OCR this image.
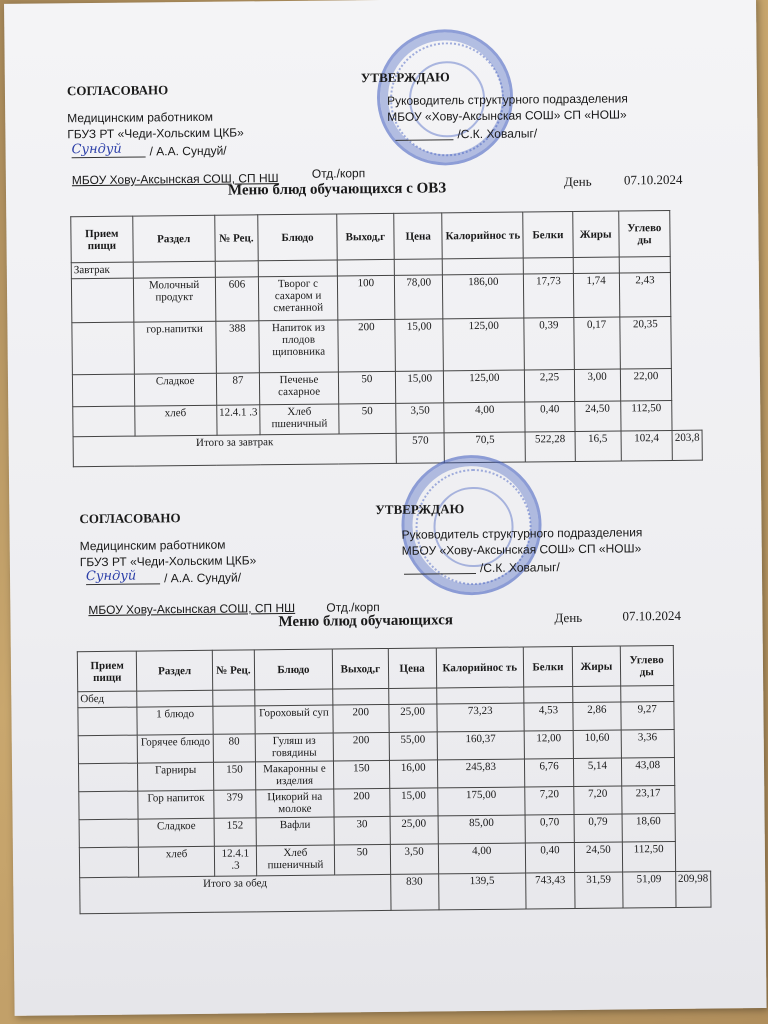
СОГЛАСОВАНО
Медицинским работником
ГБУЗ РТ «Чеди-Хольским ЦКБ»
Сундуй	/ А.А. Сундуй/
УТВЕРЖДАЮ
Руководитель структурного подразделения
МБОУ «Хову-Аксынская СОШ» СП «НОШ»
/С.К. Ховалыг/
МБОУ Хову-Аксынская СОШ, СП НШ	Отд./корп
Меню блюд обучающихся с ОВЗ	День 07.10.2024
Прием пищи	Раздел	№ Рец.	Блюдо	Выход,г	Цена	Калорийнос ть	Белки	Жиры	Углево ды	
Завтрак										
	Молочный продукт	606	Творог с сахаром и сметанной	100	78,00	186,00	17,73	1,74	2,43	
	гор.напитки	388	Напиток из плодов щиповника	200	15,00	125,00	0,39	0,17	20,35	
	Сладкое	87	Печенье сахарное	50	15,00	125,00	2,25	3,00	22,00	
	хлеб	12.4.1 .3	Хлеб пшеничный	50	3,50	4,00	0,40	24,50	112,50	
Итого за завтрак					570	70,5	522,28	16,5	102,4	203,8
СОГЛАСОВАНО
Медицинским работником
ГБУЗ РТ «Чеди-Хольским ЦКБ»
Сундуй	/ А.А. Сундуй/
УТВЕРЖДАЮ
Руководитель структурного подразделения
МБОУ «Хову-Аксынская СОШ» СП «НОШ»
/С.К. Ховалыг/
МБОУ Хову-Аксынская СОШ, СП НШ	Отд./корп
Меню блюд обучающихся	День	07.10.2024
Прием пищи	Раздел	№ Рец.	Блюдо	Выход,г	Цена	Калорийнос ть	Белки	Жиры	Углево ды	
Обед										
	1 блюдо		Гороховый суп	200	25,00	73,23	4,53	2,86	9,27	
	Горячее блюдо	80	Гуляш из говядины	200	55,00	160,37	12,00	10,60	3,36	
	Гарниры	150	Макаронны е изделия	150	16,00	245,83	6,76	5,14	43,08	
	Гор напиток	379	Цикорий на молоке	200	15,00	175,00	7,20	7,20	23,17	
	Сладкое	152	Вафли	30	25,00	85,00	0,70	0,79	18,60	
	хлеб	12.4.1 .3	Хлеб пшеничный	50	3,50	4,00	0,40	24,50	112,50	
Итого за обед					830	139,5	743,43	31,59	51,09	209,98
